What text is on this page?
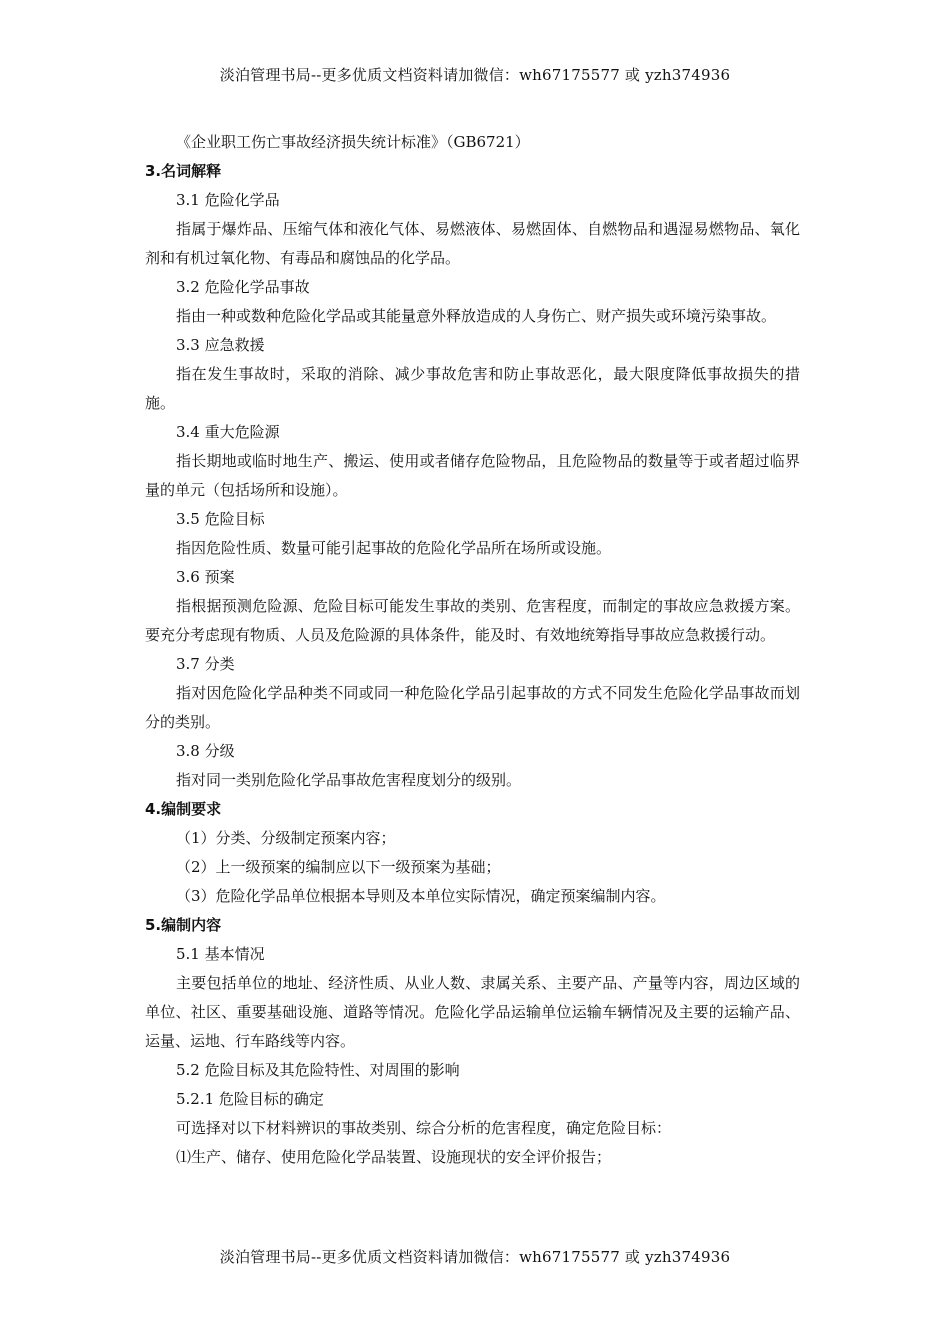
淡泊管理书局--更多优质文档资料请加微信：wh67175577 或 yzh374936
《企业职工伤亡事故经济损失统计标准》（GB6721）
3.名词解释
3.1 危险化学品
指属于爆炸品、压缩气体和液化气体、易燃液体、易燃固体、自燃物品和遇湿易燃物品、氧化剂和有机过氧化物、有毒品和腐蚀品的化学品。
3.2 危险化学品事故
指由一种或数种危险化学品或其能量意外释放造成的人身伤亡、财产损失或环境污染事故。
3.3 应急救援
指在发生事故时，采取的消除、减少事故危害和防止事故恶化，最大限度降低事故损失的措施。
3.4 重大危险源
指长期地或临时地生产、搬运、使用或者储存危险物品，且危险物品的数量等于或者超过临界量的单元（包括场所和设施）。
3.5 危险目标
指因危险性质、数量可能引起事故的危险化学品所在场所或设施。
3.6 预案
指根据预测危险源、危险目标可能发生事故的类别、危害程度，而制定的事故应急救援方案。要充分考虑现有物质、人员及危险源的具体条件，能及时、有效地统筹指导事故应急救援行动。
3.7 分类
指对因危险化学品种类不同或同一种危险化学品引起事故的方式不同发生危险化学品事故而划分的类别。
3.8 分级
指对同一类别危险化学品事故危害程度划分的级别。
4.编制要求
（1）分类、分级制定预案内容；
（2）上一级预案的编制应以下一级预案为基础；
（3）危险化学品单位根据本导则及本单位实际情况，确定预案编制内容。
5.编制内容
5.1 基本情况
主要包括单位的地址、经济性质、从业人数、隶属关系、主要产品、产量等内容，周边区域的单位、社区、重要基础设施、道路等情况。危险化学品运输单位运输车辆情况及主要的运输产品、运量、运地、行车路线等内容。
5.2 危险目标及其危险特性、对周围的影响
5.2.1 危险目标的确定
可选择对以下材料辨识的事故类别、综合分析的危害程度，确定危险目标：
⑴生产、储存、使用危险化学品装置、设施现状的安全评价报告；
淡泊管理书局--更多优质文档资料请加微信：wh67175577 或 yzh374936
